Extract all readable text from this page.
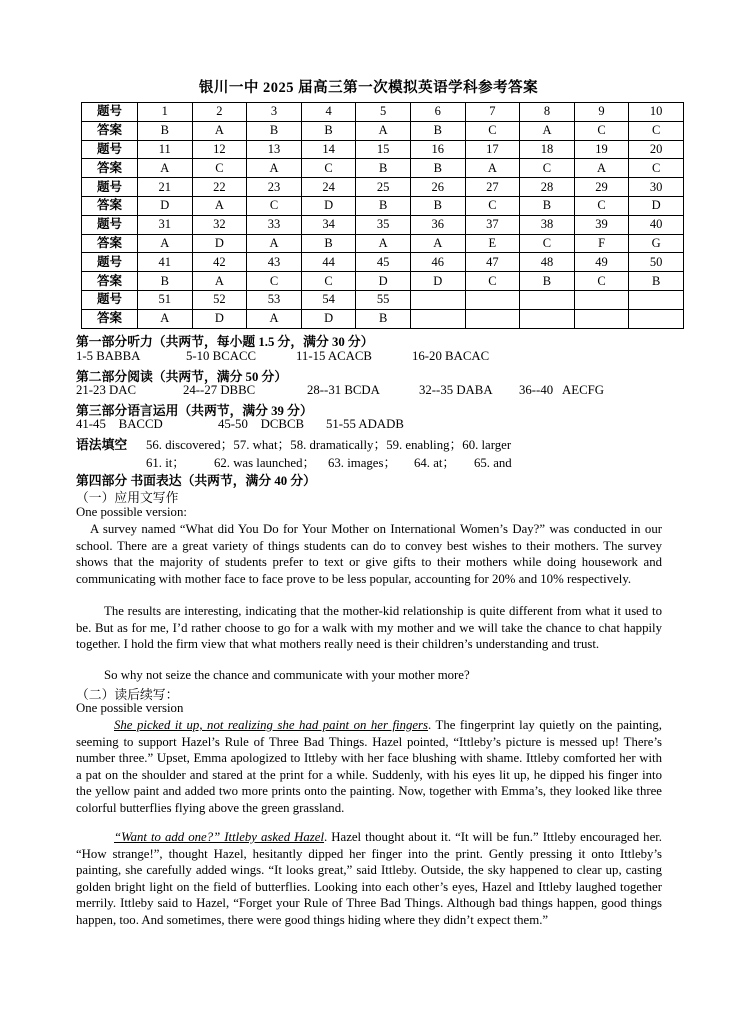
银川一中 2025 届高三第一次模拟英语学科参考答案
题号	1	2	3	4	5	6	7	8	9	10
答案	B	A	B	B	A	B	C	A	C	C
题号	11	12	13	14	15	16	17	18	19	20
答案	A	C	A	C	B	B	A	C	A	C
题号	21	22	23	24	25	26	27	28	29	30
答案	D	A	C	D	B	B	C	B	C	D
题号	31	32	33	34	35	36	37	38	39	40
答案	A	D	A	B	A	A	E	C	F	G
题号	41	42	43	44	45	46	47	48	49	50
答案	B	A	C	C	D	D	C	B	C	B
题号	51	52	53	54	55					
答案	A	D	A	D	B					
第一部分听力（共两节，每小题 1.5 分，满分 30 分）
1-5 BABBA	5-10 BCACC	11-15 ACACB	16-20 BACAC
第二部分阅读（共两节，满分 50 分）
21-23 DAC	24--27 DBBC	28--31 BCDA	32--35 DABA 36--40   AECFG
第三部分语言运用（共两节，满分 39 分）
41-45    BACCD	45-50    DCBCB 51-55 ADADB
语法填空 56. discovered；57. what；58. dramatically；59. enabling；60. larger
61. it； 62. was launched； 63. images； 64. at； 65. and
第四部分 书面表达（共两节，满分 40 分）
（一）应用文写作
One possible version:
A survey named “What did You Do for Your Mother on International Women’s Day?” was conducted in our school. There are a great variety of things students can do to convey best wishes to their mothers. The survey shows that the majority of students prefer to text or give gifts to their mothers while doing housework and communicating with mother face to face prove to be less popular, accounting for 20% and 10% respectively.
The results are interesting, indicating that the mother-kid relationship is quite different from what it used to be. But as for me, I’d rather choose to go for a walk with my mother and we will take the chance to chat happily together. I hold the firm view that what mothers really need is their children’s understanding and trust.
So why not seize the chance and communicate with your mother more?
（二）读后续写：
One possible version
She picked it up, not realizing she had paint on her fingers. The fingerprint lay quietly on the painting, seeming to support Hazel’s Rule of Three Bad Things. Hazel pointed, “Ittleby’s picture is messed up! There’s number three.” Upset, Emma apologized to Ittleby with her face blushing with shame. Ittleby comforted her with a pat on the shoulder and stared at the print for a while. Suddenly, with his eyes lit up, he dipped his finger into the yellow paint and added two more prints onto the painting. Now, together with Emma’s, they looked like three colorful butterflies flying above the green grassland.
“Want to add one?” Ittleby asked Hazel. Hazel thought about it. “It will be fun.” Ittleby encouraged her. “How strange!”, thought Hazel, hesitantly dipped her finger into the print. Gently pressing it onto Ittleby’s painting, she carefully added wings. “It looks great,” said Ittleby. Outside, the sky happened to clear up, casting golden bright light on the field of butterflies. Looking into each other’s eyes, Hazel and Ittleby laughed together merrily. Ittleby said to Hazel, “Forget your Rule of Three Bad Things. Although bad things happen, good things happen, too. And sometimes, there were good things hiding where they didn’t expect them.”
